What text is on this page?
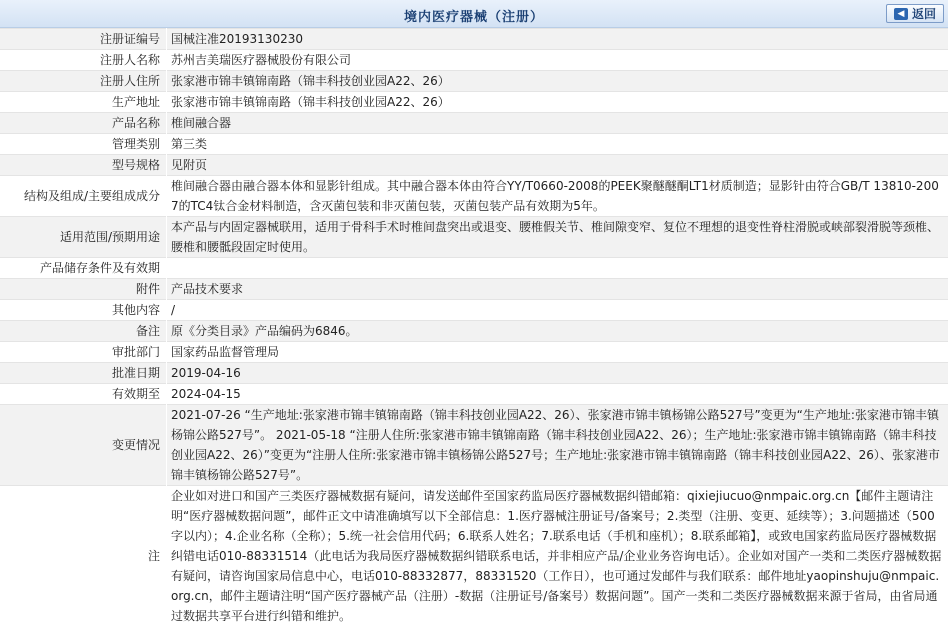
境内医疗器械（注册）	◀ 返回
注册证编号	国械注准20193130230
注册人名称	苏州吉美瑞医疗器械股份有限公司
注册人住所	张家港市锦丰镇锦南路（锦丰科技创业园A22、26）
生产地址	张家港市锦丰镇锦南路（锦丰科技创业园A22、26）
产品名称	椎间融合器
管理类别	第三类
型号规格	见附页
结构及组成/主要组成成分	椎间融合器由融合器本体和显影针组成。其中融合器本体由符合YY/T0660-2008的PEEK聚醚醚酮LT1材质制造；显影针由符合GB/T 13810-2007的TC4钛合金材料制造，含灭菌包装和非灭菌包装，灭菌包装产品有效期为5年。
适用范围/预期用途	本产品与内固定器械联用，适用于骨科手术时椎间盘突出或退变、腰椎假关节、椎间隙变窄、复位不理想的退变性脊柱滑脱或峡部裂滑脱等颈椎、腰椎和腰骶段固定时使用。
产品储存条件及有效期	
附件	产品技术要求
其他内容	/
备注	原《分类目录》产品编码为6846。
审批部门	国家药品监督管理局
批准日期	2019-04-16
有效期至	2024-04-15
变更情况	2021-07-26 “生产地址:张家港市锦丰镇锦南路（锦丰科技创业园A22、26）、张家港市锦丰镇杨锦公路527号”变更为“生产地址:张家港市锦丰镇杨锦公路527号”。 2021-05-18 “注册人住所:张家港市锦丰镇锦南路（锦丰科技创业园A22、26）；生产地址:张家港市锦丰镇锦南路（锦丰科技创业园A22、26）”变更为“注册人住所:张家港市锦丰镇杨锦公路527号；生产地址:张家港市锦丰镇锦南路（锦丰科技创业园A22、26）、张家港市锦丰镇杨锦公路527号”。
注	企业如对进口和国产三类医疗器械数据有疑问，请发送邮件至国家药监局医疗器械数据纠错邮箱：qixiejiucuo@nmpaic.org.cn【邮件主题请注明“医疗器械数据问题”，邮件正文中请准确填写以下全部信息：1.医疗器械注册证号/备案号；2.类型（注册、变更、延续等）；3.问题描述（500字以内）；4.企业名称（全称）；5.统一社会信用代码；6.联系人姓名；7.联系电话（手机和座机）；8.联系邮箱】，或致电国家药监局医疗器械数据纠错电话010-88331514（此电话为我局医疗器械数据纠错联系电话，并非相应产品/企业业务咨询电话）。企业如对国产一类和二类医疗器械数据有疑问，请咨询国家局信息中心，电话010-88332877，88331520（工作日），也可通过发邮件与我们联系：邮件地址yaopinshuju@nmpaic.org.cn，邮件主题请注明“国产医疗器械产品（注册）-数据（注册证号/备案号）数据问题”。国产一类和二类医疗器械数据来源于省局，由省局通过数据共享平台进行纠错和维护。
